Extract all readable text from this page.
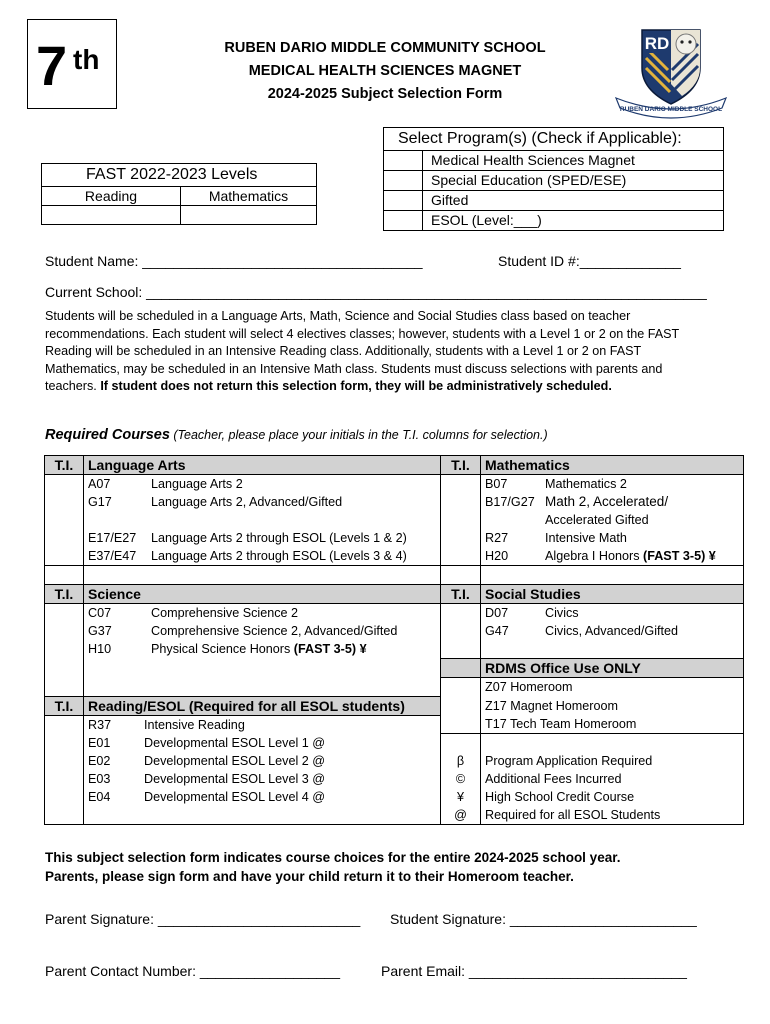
7 th	RUBEN DARIO MIDDLE COMMUNITY SCHOOL
MEDICAL HEALTH SCIENCES MAGNET
2024-2025 Subject Selection Form
RD
RUBEN DARIO MIDDLE SCHOOL
Select Program(s) (Check if Applicable):
Medical Health Sciences Magnet
Special Education (SPED/ESE)
Gifted
ESOL (Level:___)
FAST 2022-2023 Levels
Reading	Mathematics
Student Name: ____________________________________	Student ID #:_____________
Current School: ________________________________________________________________________
Students will be scheduled in a Language Arts, Math, Science and Social Studies class based on teacher recommendations. Each student will select 4 electives classes; however, students with a Level 1 or 2 on the FAST Reading will be scheduled in an Intensive Reading class. Additionally, students with a Level 1 or 2 on FAST Mathematics, may be scheduled in an Intensive Math class. Students must discuss selections with parents and teachers. If student does not return this selection form, they will be administratively scheduled.
Required Courses (Teacher, please place your initials in the T.I. columns for selection.)
T.I.	Language Arts	T.I.	Mathematics
	A07 Language Arts 2		B07 Mathematics 2
	G17 Language Arts 2, Advanced/Gifted		B17/G27 Math 2, Accelerated/
			Accelerated Gifted
	E17/E27 Language Arts 2 through ESOL (Levels 1 & 2)		R27 Intensive Math
	E37/E47 Language Arts 2 through ESOL (Levels 3 & 4)		H20 Algebra I Honors (FAST 3-5) ¥

T.I.	Science	T.I.	Social Studies
	C07 Comprehensive Science 2		D07 Civics
	G37 Comprehensive Science 2, Advanced/Gifted		G47 Civics, Advanced/Gifted
	H10 Physical Science Honors (FAST 3-5) ¥		
			RDMS Office Use ONLY
			Z07 Homeroom
T.I.	Reading/ESOL (Required for all ESOL students)		Z17 Magnet Homeroom
	R37 Intensive Reading		T17 Tech Team Homeroom
	E01 Developmental ESOL Level 1 @		
	E02 Developmental ESOL Level 2 @	β	Program Application Required
	E03 Developmental ESOL Level 3 @	©	Additional Fees Incurred
	E04 Developmental ESOL Level 4 @	¥	High School Credit Course
		@	Required for all ESOL Students
This subject selection form indicates course choices for the entire 2024-2025 school year.
Parents, please sign form and have your child return it to their Homeroom teacher.
Parent Signature: __________________________ Student Signature: ________________________
Parent Contact Number: __________________	Parent Email: ____________________________
